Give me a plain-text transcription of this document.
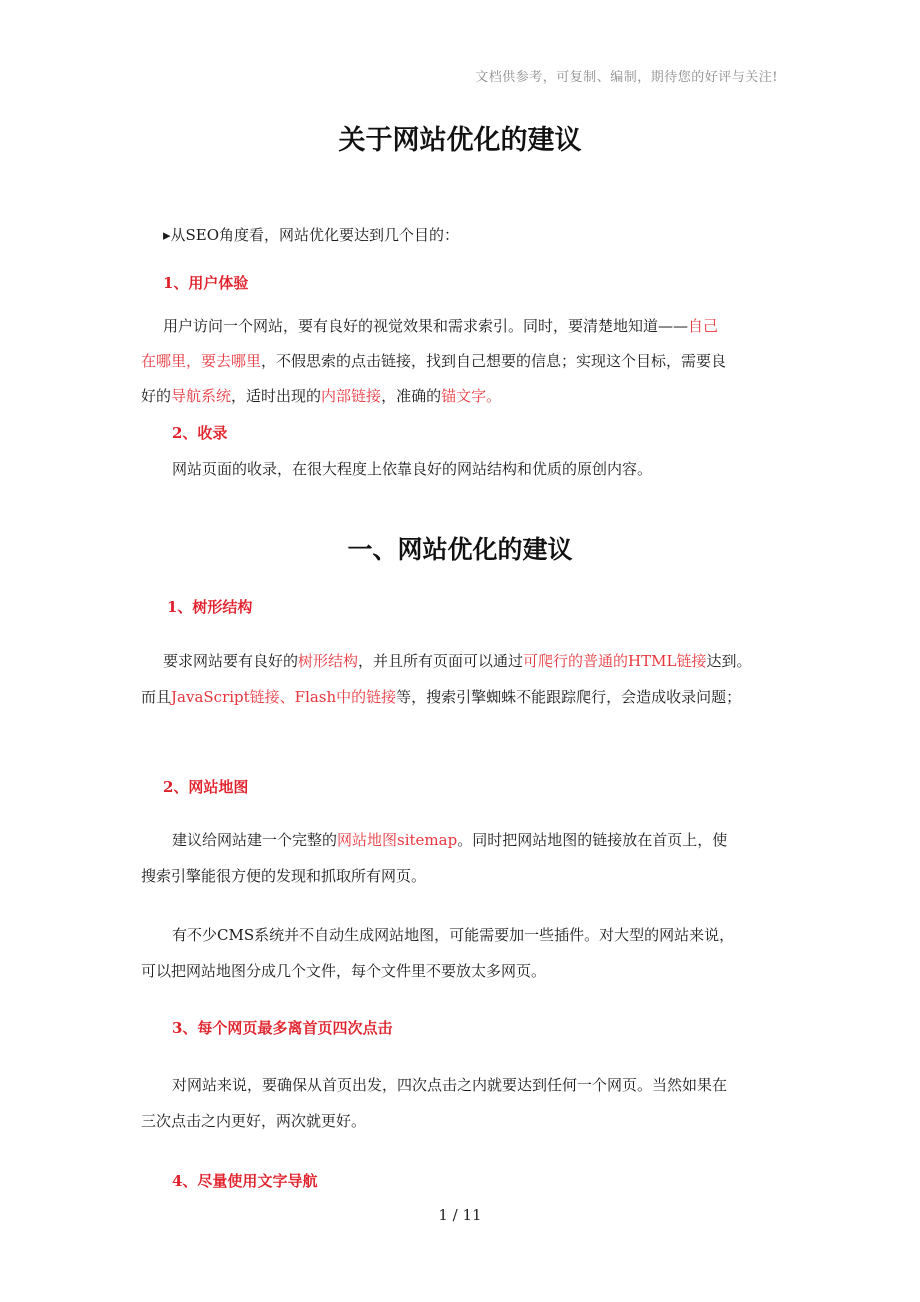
文档供参考，可复制、编制，期待您的好评与关注!
关于网站优化的建议
▸从SEO角度看，网站优化要达到几个目的：
1、用户体验
用户访问一个网站，要有良好的视觉效果和需求索引。同时，要清楚地知道——自己
在哪里，要去哪里，不假思索的点击链接，找到自己想要的信息；实现这个目标，需要良
好的导航系统，适时出现的内部链接，准确的锚文字。
2、收录
网站页面的收录，在很大程度上依靠良好的网站结构和优质的原创内容。
一、网站优化的建议
1、树形结构
要求网站要有良好的树形结构，并且所有页面可以通过可爬行的普通的HTML链接达到。
而且JavaScript链接、Flash中的链接等，搜索引擎蜘蛛不能跟踪爬行，会造成收录问题；
2、网站地图
建议给网站建一个完整的网站地图sitemap。同时把网站地图的链接放在首页上，使
搜索引擎能很方便的发现和抓取所有网页。
有不少CMS系统并不自动生成网站地图，可能需要加一些插件。对大型的网站来说，
可以把网站地图分成几个文件，每个文件里不要放太多网页。
3、每个网页最多离首页四次点击
对网站来说，要确保从首页出发，四次点击之内就要达到任何一个网页。当然如果在
三次点击之内更好，两次就更好。
4、尽量使用文字导航
1 / 11
